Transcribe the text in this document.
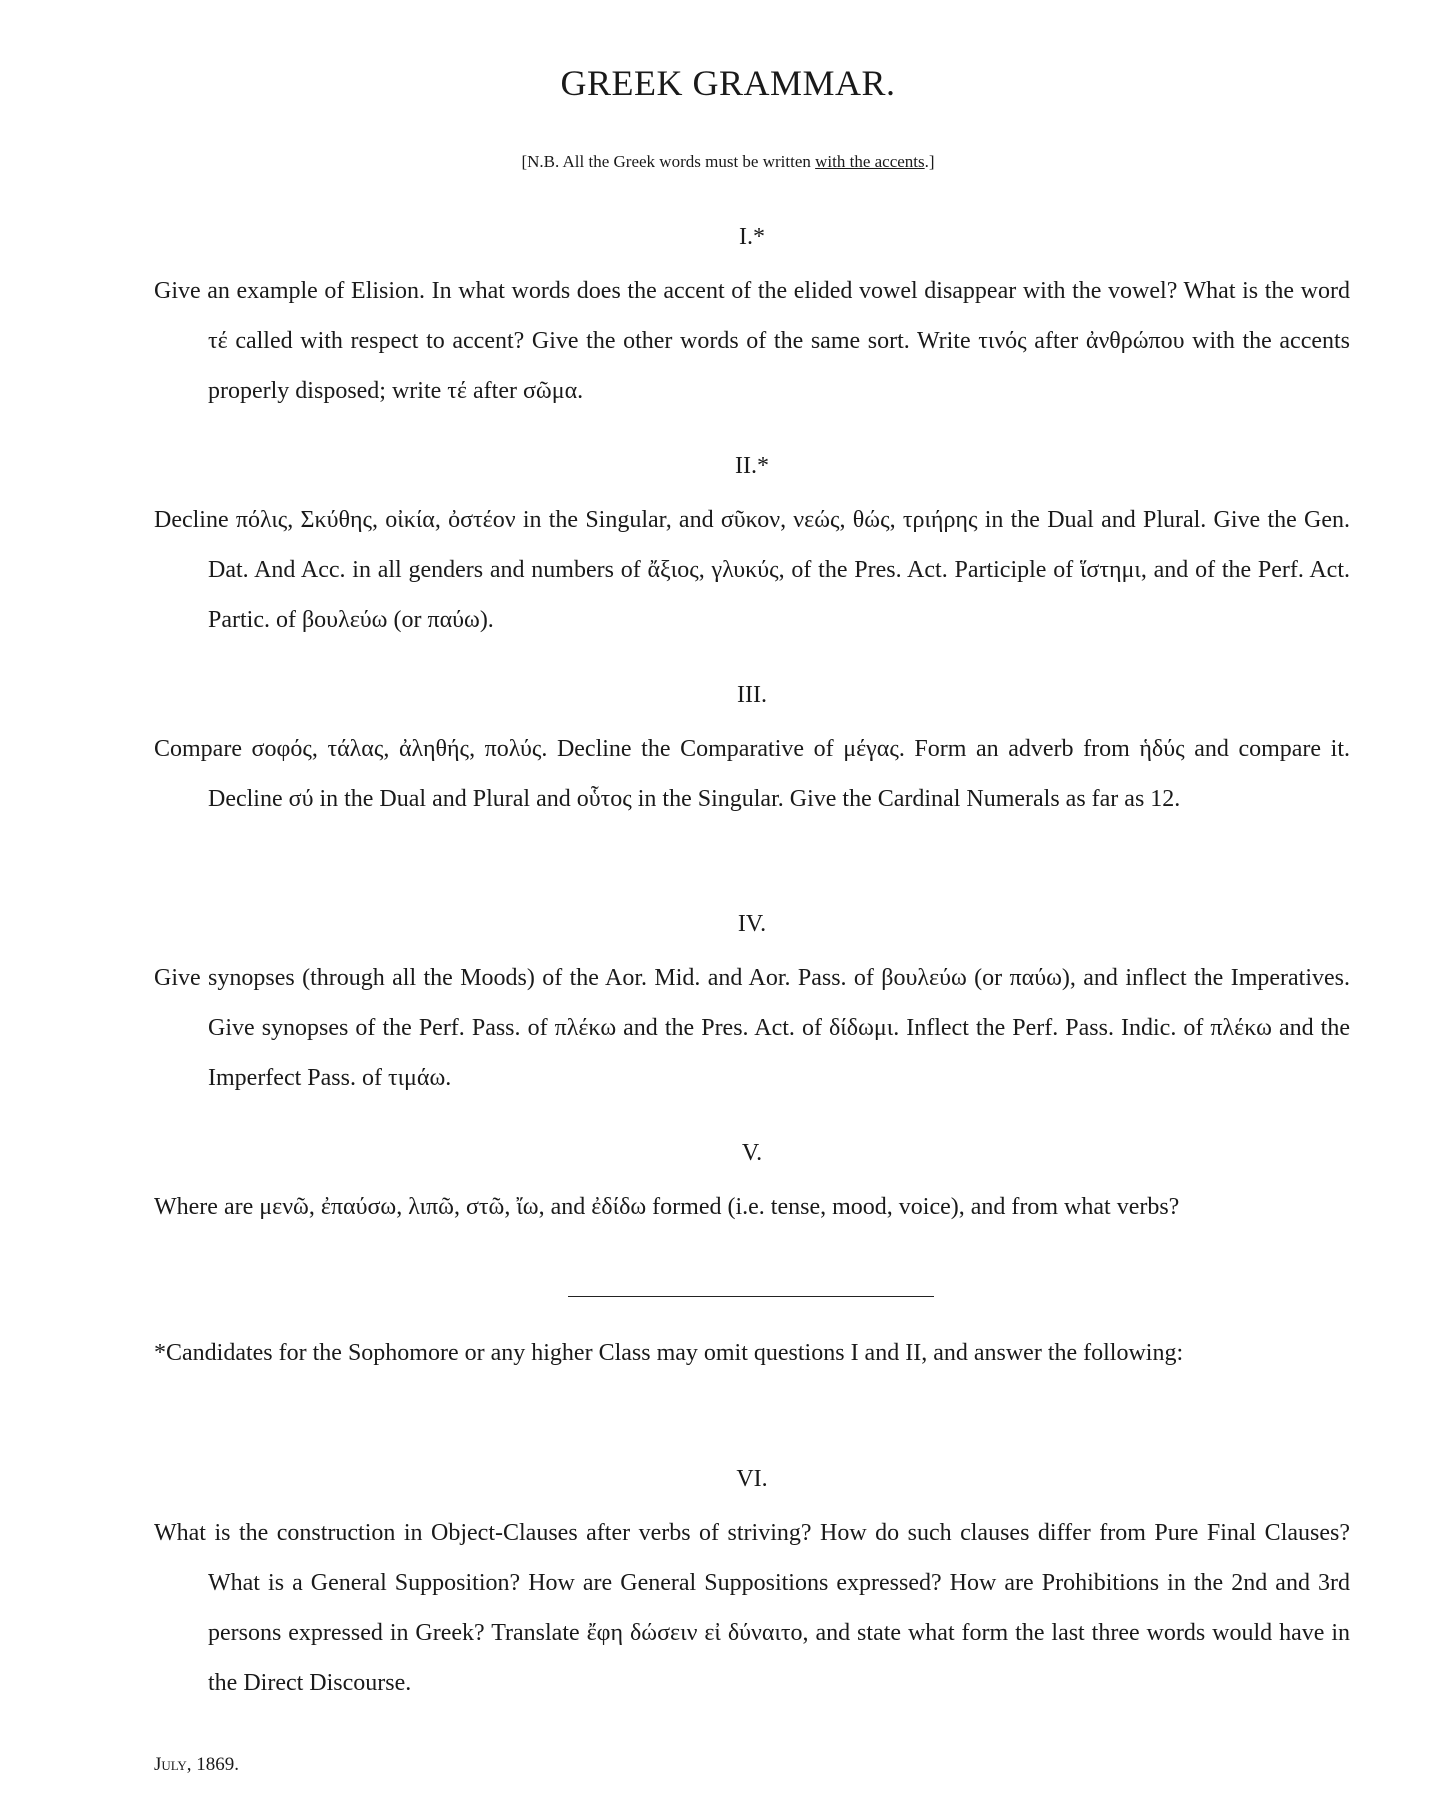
GREEK GRAMMAR.
[N.B. All the Greek words must be written with the accents.]
I.*
Give an example of Elision. In what words does the accent of the elided vowel disappear with the vowel? What is the word τέ called with respect to accent? Give the other words of the same sort. Write τινός after ἀνθρώπου with the accents properly disposed; write τέ after σῶμα.
II.*
Decline πόλις, Σκύθης, οἰκία, ὀστέον in the Singular, and σῦκον, νεώς, θώς, τριήρης in the Dual and Plural. Give the Gen. Dat. And Acc. in all genders and numbers of ἄξιος, γλυκύς, of the Pres. Act. Participle of ἵστημι, and of the Perf. Act. Partic. of βουλεύω (or παύω).
III.
Compare σοφός, τάλας, ἀληθής, πολύς. Decline the Comparative of μέγας. Form an adverb from ἡδύς and compare it. Decline σύ in the Dual and Plural and οὗτος in the Singular. Give the Cardinal Numerals as far as 12.
IV.
Give synopses (through all the Moods) of the Aor. Mid. and Aor. Pass. of βουλεύω (or παύω), and inflect the Imperatives. Give synopses of the Perf. Pass. of πλέκω and the Pres. Act. of δίδωμι. Inflect the Perf. Pass. Indic. of πλέκω and the Imperfect Pass. of τιμάω.
V.
Where are μενῶ, ἐπαύσω, λιπῶ, στῶ, ἴω, and ἐδίδω formed (i.e. tense, mood, voice), and from what verbs?
*Candidates for the Sophomore or any higher Class may omit questions I and II, and answer the following:
VI.
What is the construction in Object-Clauses after verbs of striving? How do such clauses differ from Pure Final Clauses? What is a General Supposition? How are General Suppositions expressed? How are Prohibitions in the 2nd and 3rd persons expressed in Greek? Translate ἔφη δώσειν εἰ δύναιτο, and state what form the last three words would have in the Direct Discourse.
July, 1869.
